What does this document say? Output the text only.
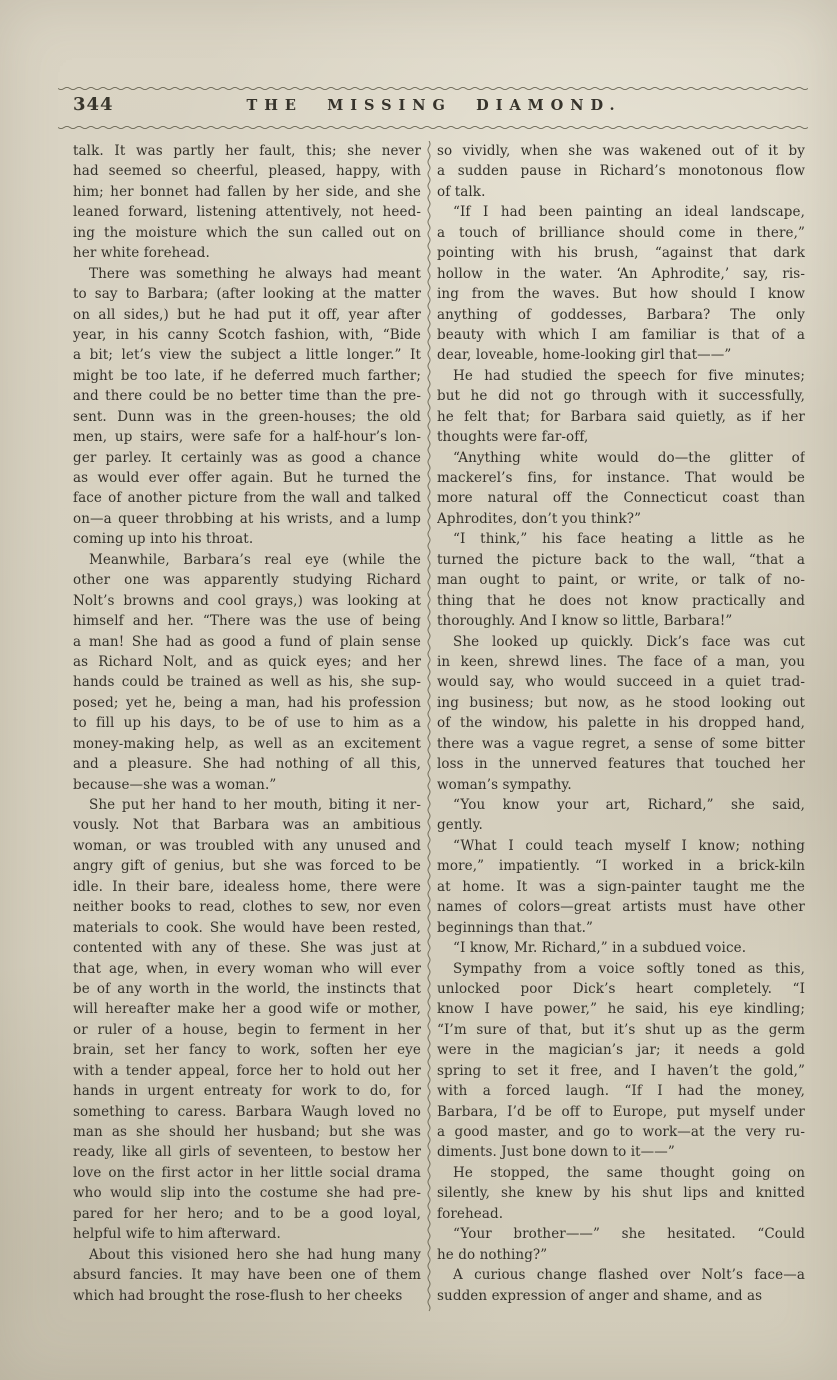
344	THE MISSING DIAMOND.
talk. It was partly her fault, this; she never
had seemed so cheerful, pleased, happy, with
him; her bonnet had fallen by her side, and she
leaned forward, listening attentively, not heed-
ing the moisture which the sun called out on
her white forehead.
There was something he always had meant
to say to Barbara; (after looking at the matter
on all sides,) but he had put it off, year after
year, in his canny Scotch fashion, with, “Bide
a bit; let’s view the subject a little longer.” It
might be too late, if he deferred much farther;
and there could be no better time than the pre-
sent. Dunn was in the green-houses; the old
men, up stairs, were safe for a half-hour’s lon-
ger parley. It certainly was as good a chance
as would ever offer again. But he turned the
face of another picture from the wall and talked
on—a queer throbbing at his wrists, and a lump
coming up into his throat.
Meanwhile, Barbara’s real eye (while the
other one was apparently studying Richard
Nolt’s browns and cool grays,) was looking at
himself and her. “There was the use of being
a man! She had as good a fund of plain sense
as Richard Nolt, and as quick eyes; and her
hands could be trained as well as his, she sup-
posed; yet he, being a man, had his profession
to fill up his days, to be of use to him as a
money-making help, as well as an excitement
and a pleasure. She had nothing of all this,
because—she was a woman.”
She put her hand to her mouth, biting it ner-
vously. Not that Barbara was an ambitious
woman, or was troubled with any unused and
angry gift of genius, but she was forced to be
idle. In their bare, idealess home, there were
neither books to read, clothes to sew, nor even
materials to cook. She would have been rested,
contented with any of these. She was just at
that age, when, in every woman who will ever
be of any worth in the world, the instincts that
will hereafter make her a good wife or mother,
or ruler of a house, begin to ferment in her
brain, set her fancy to work, soften her eye
with a tender appeal, force her to hold out her
hands in urgent entreaty for work to do, for
something to caress. Barbara Waugh loved no
man as she should her husband; but she was
ready, like all girls of seventeen, to bestow her
love on the first actor in her little social drama
who would slip into the costume she had pre-
pared for her hero; and to be a good loyal,
helpful wife to him afterward.
About this visioned hero she had hung many
absurd fancies. It may have been one of them
which had brought the rose-flush to her cheeks
so vividly, when she was wakened out of it by
a sudden pause in Richard’s monotonous flow
of talk.
“If I had been painting an ideal landscape,
a touch of brilliance should come in there,”
pointing with his brush, “against that dark
hollow in the water. ‘An Aphrodite,’ say, ris-
ing from the waves. But how should I know
anything of goddesses, Barbara? The only
beauty with which I am familiar is that of a
dear, loveable, home-looking girl that——”
He had studied the speech for five minutes;
but he did not go through with it successfully,
he felt that; for Barbara said quietly, as if her
thoughts were far-off,
“Anything white would do—the glitter of
mackerel’s fins, for instance. That would be
more natural off the Connecticut coast than
Aphrodites, don’t you think?”
“I think,” his face heating a little as he
turned the picture back to the wall, “that a
man ought to paint, or write, or talk of no-
thing that he does not know practically and
thoroughly. And I know so little, Barbara!”
She looked up quickly. Dick’s face was cut
in keen, shrewd lines. The face of a man, you
would say, who would succeed in a quiet trad-
ing business; but now, as he stood looking out
of the window, his palette in his dropped hand,
there was a vague regret, a sense of some bitter
loss in the unnerved features that touched her
woman’s sympathy.
“You know your art, Richard,” she said,
gently.
“What I could teach myself I know; nothing
more,” impatiently. “I worked in a brick-kiln
at home. It was a sign-painter taught me the
names of colors—great artists must have other
beginnings than that.”
“I know, Mr. Richard,” in a subdued voice.
Sympathy from a voice softly toned as this,
unlocked poor Dick’s heart completely. “I
know I have power,” he said, his eye kindling;
“I’m sure of that, but it’s shut up as the germ
were in the magician’s jar; it needs a gold
spring to set it free, and I haven’t the gold,”
with a forced laugh. “If I had the money,
Barbara, I’d be off to Europe, put myself under
a good master, and go to work—at the very ru-
diments. Just bone down to it——”
He stopped, the same thought going on
silently, she knew by his shut lips and knitted
forehead.
“Your brother——” she hesitated. “Could
he do nothing?”
A curious change flashed over Nolt’s face—a
sudden expression of anger and shame, and as
